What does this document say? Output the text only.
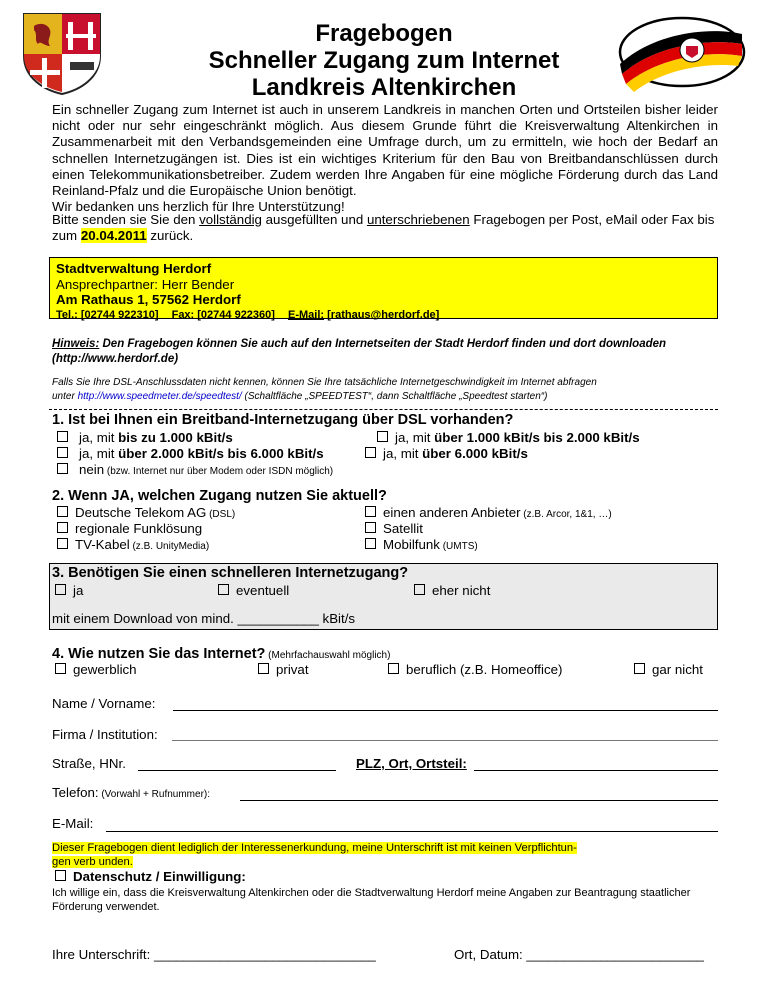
Fragebogen
Schneller Zugang zum Internet
Landkreis Altenkirchen

Ein schneller Zugang zum Internet ist auch in unserem Landkreis in manchen Orten und Ortsteilen bisher leider nicht oder nur sehr eingeschränkt möglich. Aus diesem Grunde führt die Kreisverwaltung Altenkirchen in Zusammenarbeit mit den Verbandsgemeinden eine Umfrage durch, um zu ermitteln, wie hoch der Bedarf an schnellen Internetzugängen ist. Dies ist ein wichtiges Kriterium für den Bau von Breitbandanschlüssen durch einen Telekommunikationsbetreiber. Zudem werden Ihre Angaben für eine mögliche Förderung durch das Land Reinland-Pfalz und die Europäische Union benötigt.

Wir bedanken uns herzlich für Ihre Unterstützung!

Bitte senden sie Sie den vollständig ausgefüllten und unterschriebenen Fragebogen per Post, eMail oder Fax bis zum 20.04.2011 zurück.
Stadtverwaltung Herdorf
Ansprechpartner: Herr Bender
Am Rathaus 1, 57562 Herdorf
Tel.: [02744 922310] Fax: [02744 922360] E-Mail: [rathaus@herdorf.de]
Hinweis: Den Fragebogen können Sie auch auf den Internetseiten der Stadt Herdorf finden und dort downloaden (http://www.herdorf.de)
Falls Sie Ihre DSL-Anschlussdaten nicht kennen, können Sie Ihre tatsächliche Internetgeschwindigkeit im Internet abfragen
unter http://www.speedmeter.de/speedtest/ (Schaltfläche „SPEEDTEST“, dann Schaltfläche „Speedtest starten“)
1. Ist bei Ihnen ein Breitband-Internetzugang über DSL vorhanden?
ja, mit bis zu 1.000 kBit/s	ja, mit über 1.000 kBit/s bis 2.000 kBit/s
ja, mit über 2.000 kBit/s bis 6.000 kBit/s	ja, mit über 6.000 kBit/s
nein (bzw. Internet nur über Modem oder ISDN möglich)
2. Wenn JA, welchen Zugang nutzen Sie aktuell?
Deutsche Telekom AG (DSL)	einen anderen Anbieter (z.B. Arcor, 1&1, …)
regionale Funklösung	Satellit
TV-Kabel (z.B. UnityMedia)	Mobilfunk (UMTS)
3. Benötigen Sie einen schnelleren Internetzugang?
ja	eventuell	eher nicht
mit einem Download von mind. ___________ kBit/s
4. Wie nutzen Sie das Internet? (Mehrfachauswahl möglich)
gewerblich	privat	beruflich (z.B. Homeoffice)	gar nicht
Name / Vorname:
Firma / Institution:
Straße, HNr.	PLZ, Ort, Ortsteil:
Telefon: (Vorwahl + Rufnummer):
E-Mail:
Dieser Fragebogen dient lediglich der Interessenerkundung, meine Unterschrift ist mit keinen Verpflichtun-
gen verb unden.
Datenschutz / Einwilligung:
Ich willige ein, dass die Kreisverwaltung Altenkirchen oder die Stadtverwaltung Herdorf meine Angaben zur Beantragung staatlicher Förderung verwendet.
Ihre Unterschrift: ______________________________	Ort, Datum: ________________________
